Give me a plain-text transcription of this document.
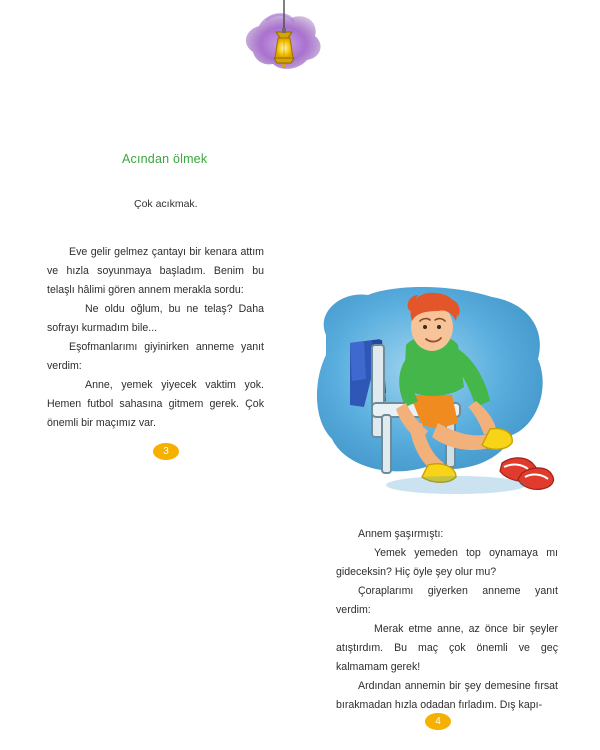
Acından ölmek
Çok acıkmak.

Eve gelir gelmez çantayı bir kenara attım ve hızla soyunmaya başladım. Benim bu telaşlı hâlimi gören annem merakla sordu:

Ne oldu oğlum, bu ne telaş? Daha sofrayı kurmadım bile...

Eşofmanlarımı giyinirken anneme yanıt verdim:

Anne, yemek yiyecek vaktim yok. Hemen futbol sahasına gitmem gerek. Çok önemli bir maçımız var.

3

Annem şaşırmıştı:

Yemek yemeden top oynamaya mı gideceksin? Hiç öyle şey olur mu?

Çoraplarımı giyerken anneme yanıt verdim:

Merak etme anne, az önce bir şeyler atıştırdım. Bu maç çok önemli ve geç kalmamam gerek!

Ardından annemin bir şey demesine fırsat bırakmadan hızla odadan fırladım. Dış kapı-

4
